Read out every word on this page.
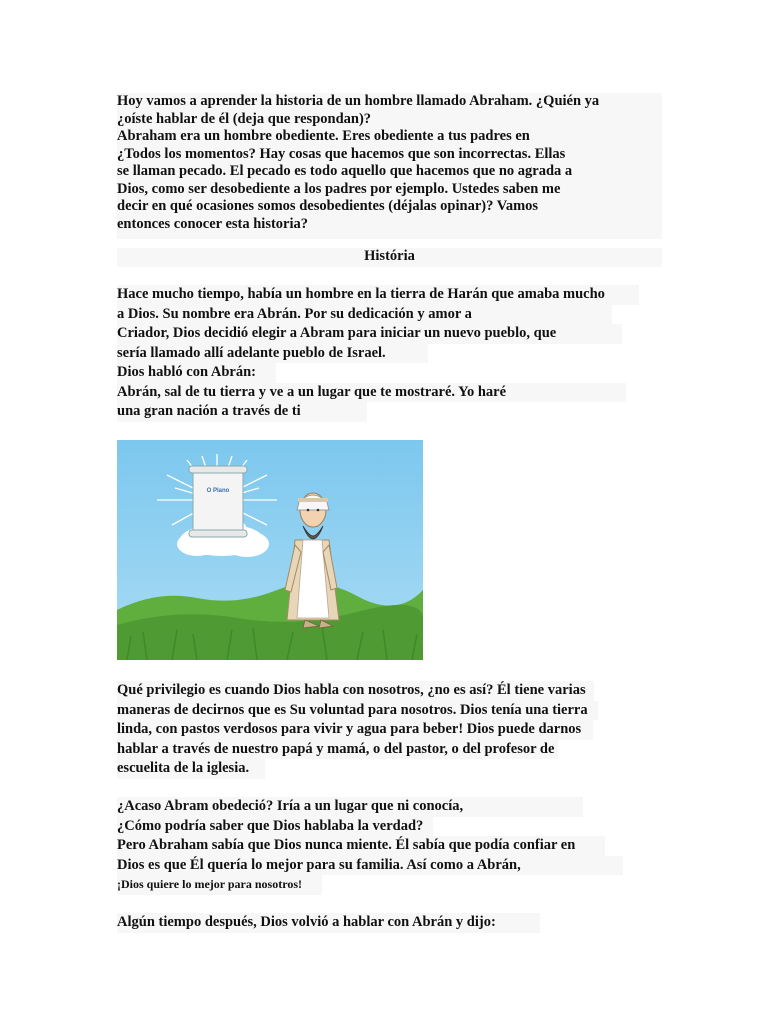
Hoy vamos a aprender la historia de un hombre llamado Abraham. ¿Quién ya
¿oíste hablar de él (deja que respondan)?
Abraham era un hombre obediente. Eres obediente a tus padres en
¿Todos los momentos? Hay cosas que hacemos que son incorrectas. Ellas
se llaman pecado. El pecado es todo aquello que hacemos que no agrada a
Dios, como ser desobediente a los padres por ejemplo. Ustedes saben me
decir en qué ocasiones somos desobedientes (déjalas opinar)? Vamos
entonces conocer esta historia?
História
Hace mucho tiempo, había un hombre en la tierra de Harán que amaba mucho
a Dios. Su nombre era Abrán. Por su dedicación y amor a
Criador, Dios decidió elegir a Abram para iniciar un nuevo pueblo, que
sería llamado allí adelante pueblo de Israel.
Dios habló con Abrán:
Abrán, sal de tu tierra y ve a un lugar que te mostraré. Yo haré
una gran nación a través de ti
O Plano
Qué privilegio es cuando Dios habla con nosotros, ¿no es así? Él tiene varias
maneras de decirnos que es Su voluntad para nosotros. Dios tenía una tierra
linda, con pastos verdosos para vivir y agua para beber! Dios puede darnos
hablar a través de nuestro papá y mamá, o del pastor, o del profesor de
escuelita de la iglesia.
¿Acaso Abram obedeció? Iría a un lugar que ni conocía,
¿Cómo podría saber que Dios hablaba la verdad?
Pero Abraham sabía que Dios nunca miente. Él sabía que podía confiar en
Dios es que Él quería lo mejor para su familia. Así como a Abrán,
¡Dios quiere lo mejor para nosotros!
Algún tiempo después, Dios volvió a hablar con Abrán y dijo:
